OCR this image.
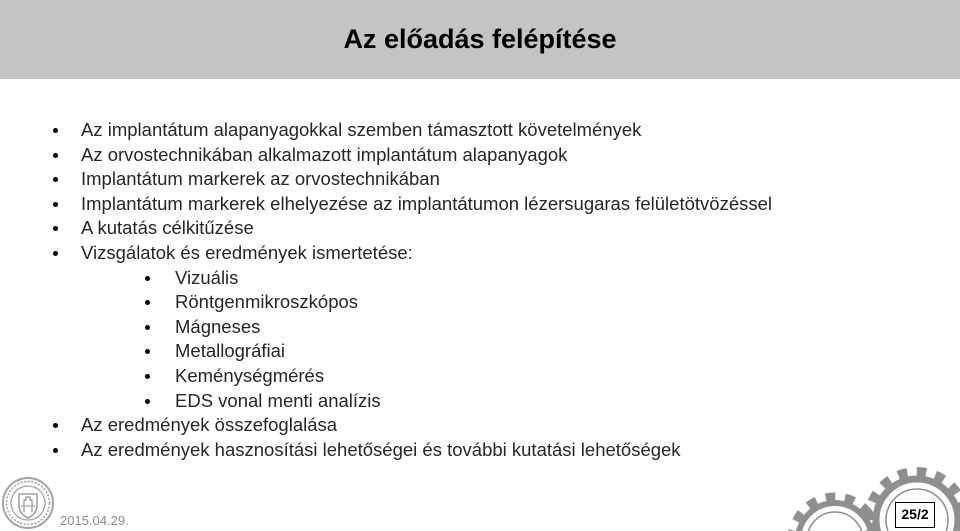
Az előadás felépítése
Az implantátum alapanyagokkal szemben támasztott követelmények
Az orvostechnikában alkalmazott implantátum alapanyagok
Implantátum markerek az orvostechnikában
Implantátum markerek elhelyezése az implantátumon lézersugaras felületötvözéssel
A kutatás célkitűzése
Vizsgálatok és eredmények ismertetése:
Vizuális
Röntgenmikroszkópos
Mágneses
Metallográfiai
Keménységmérés
EDS vonal menti analízis
Az eredmények összefoglalása
Az eredmények hasznosítási lehetőségei és további kutatási lehetőségek
2015.04.29.	25/2
